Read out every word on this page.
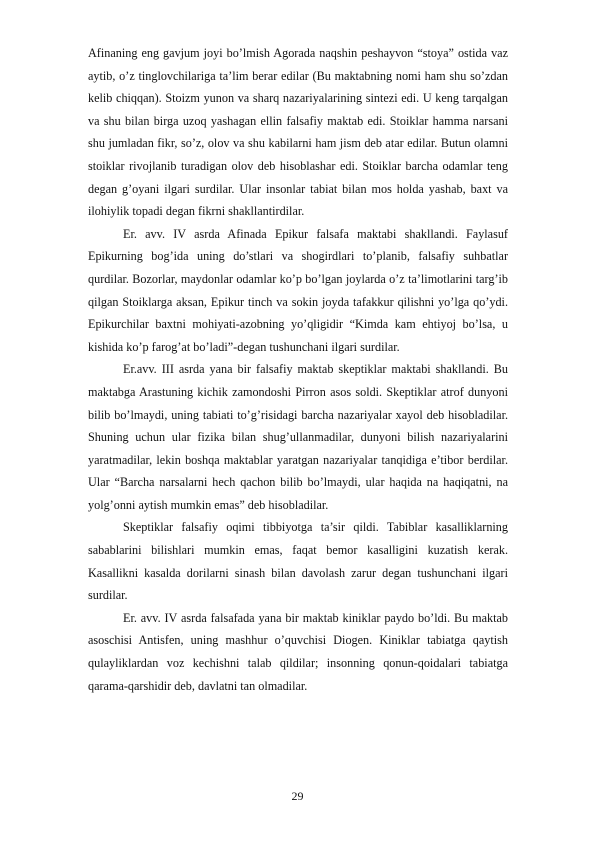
Afinaning eng gavjum joyi bo’lmish Agorada naqshin peshayvon “stoya” ostida vaz aytib, o’z tinglovchilariga ta’lim berar edilar (Bu maktabning nomi ham shu so’zdan kelib chiqqan). Stoizm yunon va sharq nazariyalarining sintezi edi. U keng tarqalgan va shu bilan birga uzoq yashagan ellin falsafiy maktab edi. Stoiklar hamma narsani shu jumladan fikr, so’z, olov va shu kabilarni ham jism deb atar edilar. Butun olamni stoiklar rivojlanib turadigan olov deb hisoblashar edi. Stoiklar barcha odamlar teng degan g’oyani ilgari surdilar. Ular insonlar tabiat bilan mos holda yashab, baxt va ilohiylik topadi degan fikrni shakllantirdilar.

Er. avv. IV asrda Afinada Epikur falsafa maktabi shakllandi. Faylasuf Epikurning bog’ida uning do’stlari va shogirdlari to’planib, falsafiy suhbatlar qurdilar. Bozorlar, maydonlar odamlar ko’p bo’lgan joylarda o’z ta’limotlarini targ’ib qilgan Stoiklarga aksan, Epikur tinch va sokin joyda tafakkur qilishni yo’lga qo’ydi. Epikurchilar baxtni mohiyati-azobning yo’qligidir “Kimda kam ehtiyoj bo’lsa, u kishida ko’p farog’at bo’ladi”-degan tushunchani ilgari surdilar.

Er.avv. III asrda yana bir falsafiy maktab skeptiklar maktabi shakllandi. Bu maktabga Arastuning kichik zamondoshi Pirron asos soldi. Skeptiklar atrof dunyoni bilib bo’lmaydi, uning tabiati to’g’risidagi barcha nazariyalar xayol deb hisobladilar. Shuning uchun ular fizika bilan shug’ullanmadilar, dunyoni bilish nazariyalarini yaratmadilar, lekin boshqa maktablar yaratgan nazariyalar tanqidiga e’tibor berdilar. Ular “Barcha narsalarni hech qachon bilib bo’lmaydi, ular haqida na haqiqatni, na yolg’onni aytish mumkin emas” deb hisobladilar.

Skeptiklar falsafiy oqimi tibbiyotga ta’sir qildi. Tabiblar kasalliklarning sabablarini bilishlari mumkin emas, faqat bemor kasalligini kuzatish kerak. Kasallikni kasalda dorilarni sinash bilan davolash zarur degan tushunchani ilgari surdilar.

Er. avv. IV asrda falsafada yana bir maktab kiniklar paydo bo’ldi. Bu maktab asoschisi Antisfen, uning mashhur o’quvchisi Diogen. Kiniklar tabiatga qaytish qulayliklardan voz kechishni talab qildilar; insonning qonun-qoidalari tabiatga qarama-qarshidir deb, davlatni tan olmadilar.

29
